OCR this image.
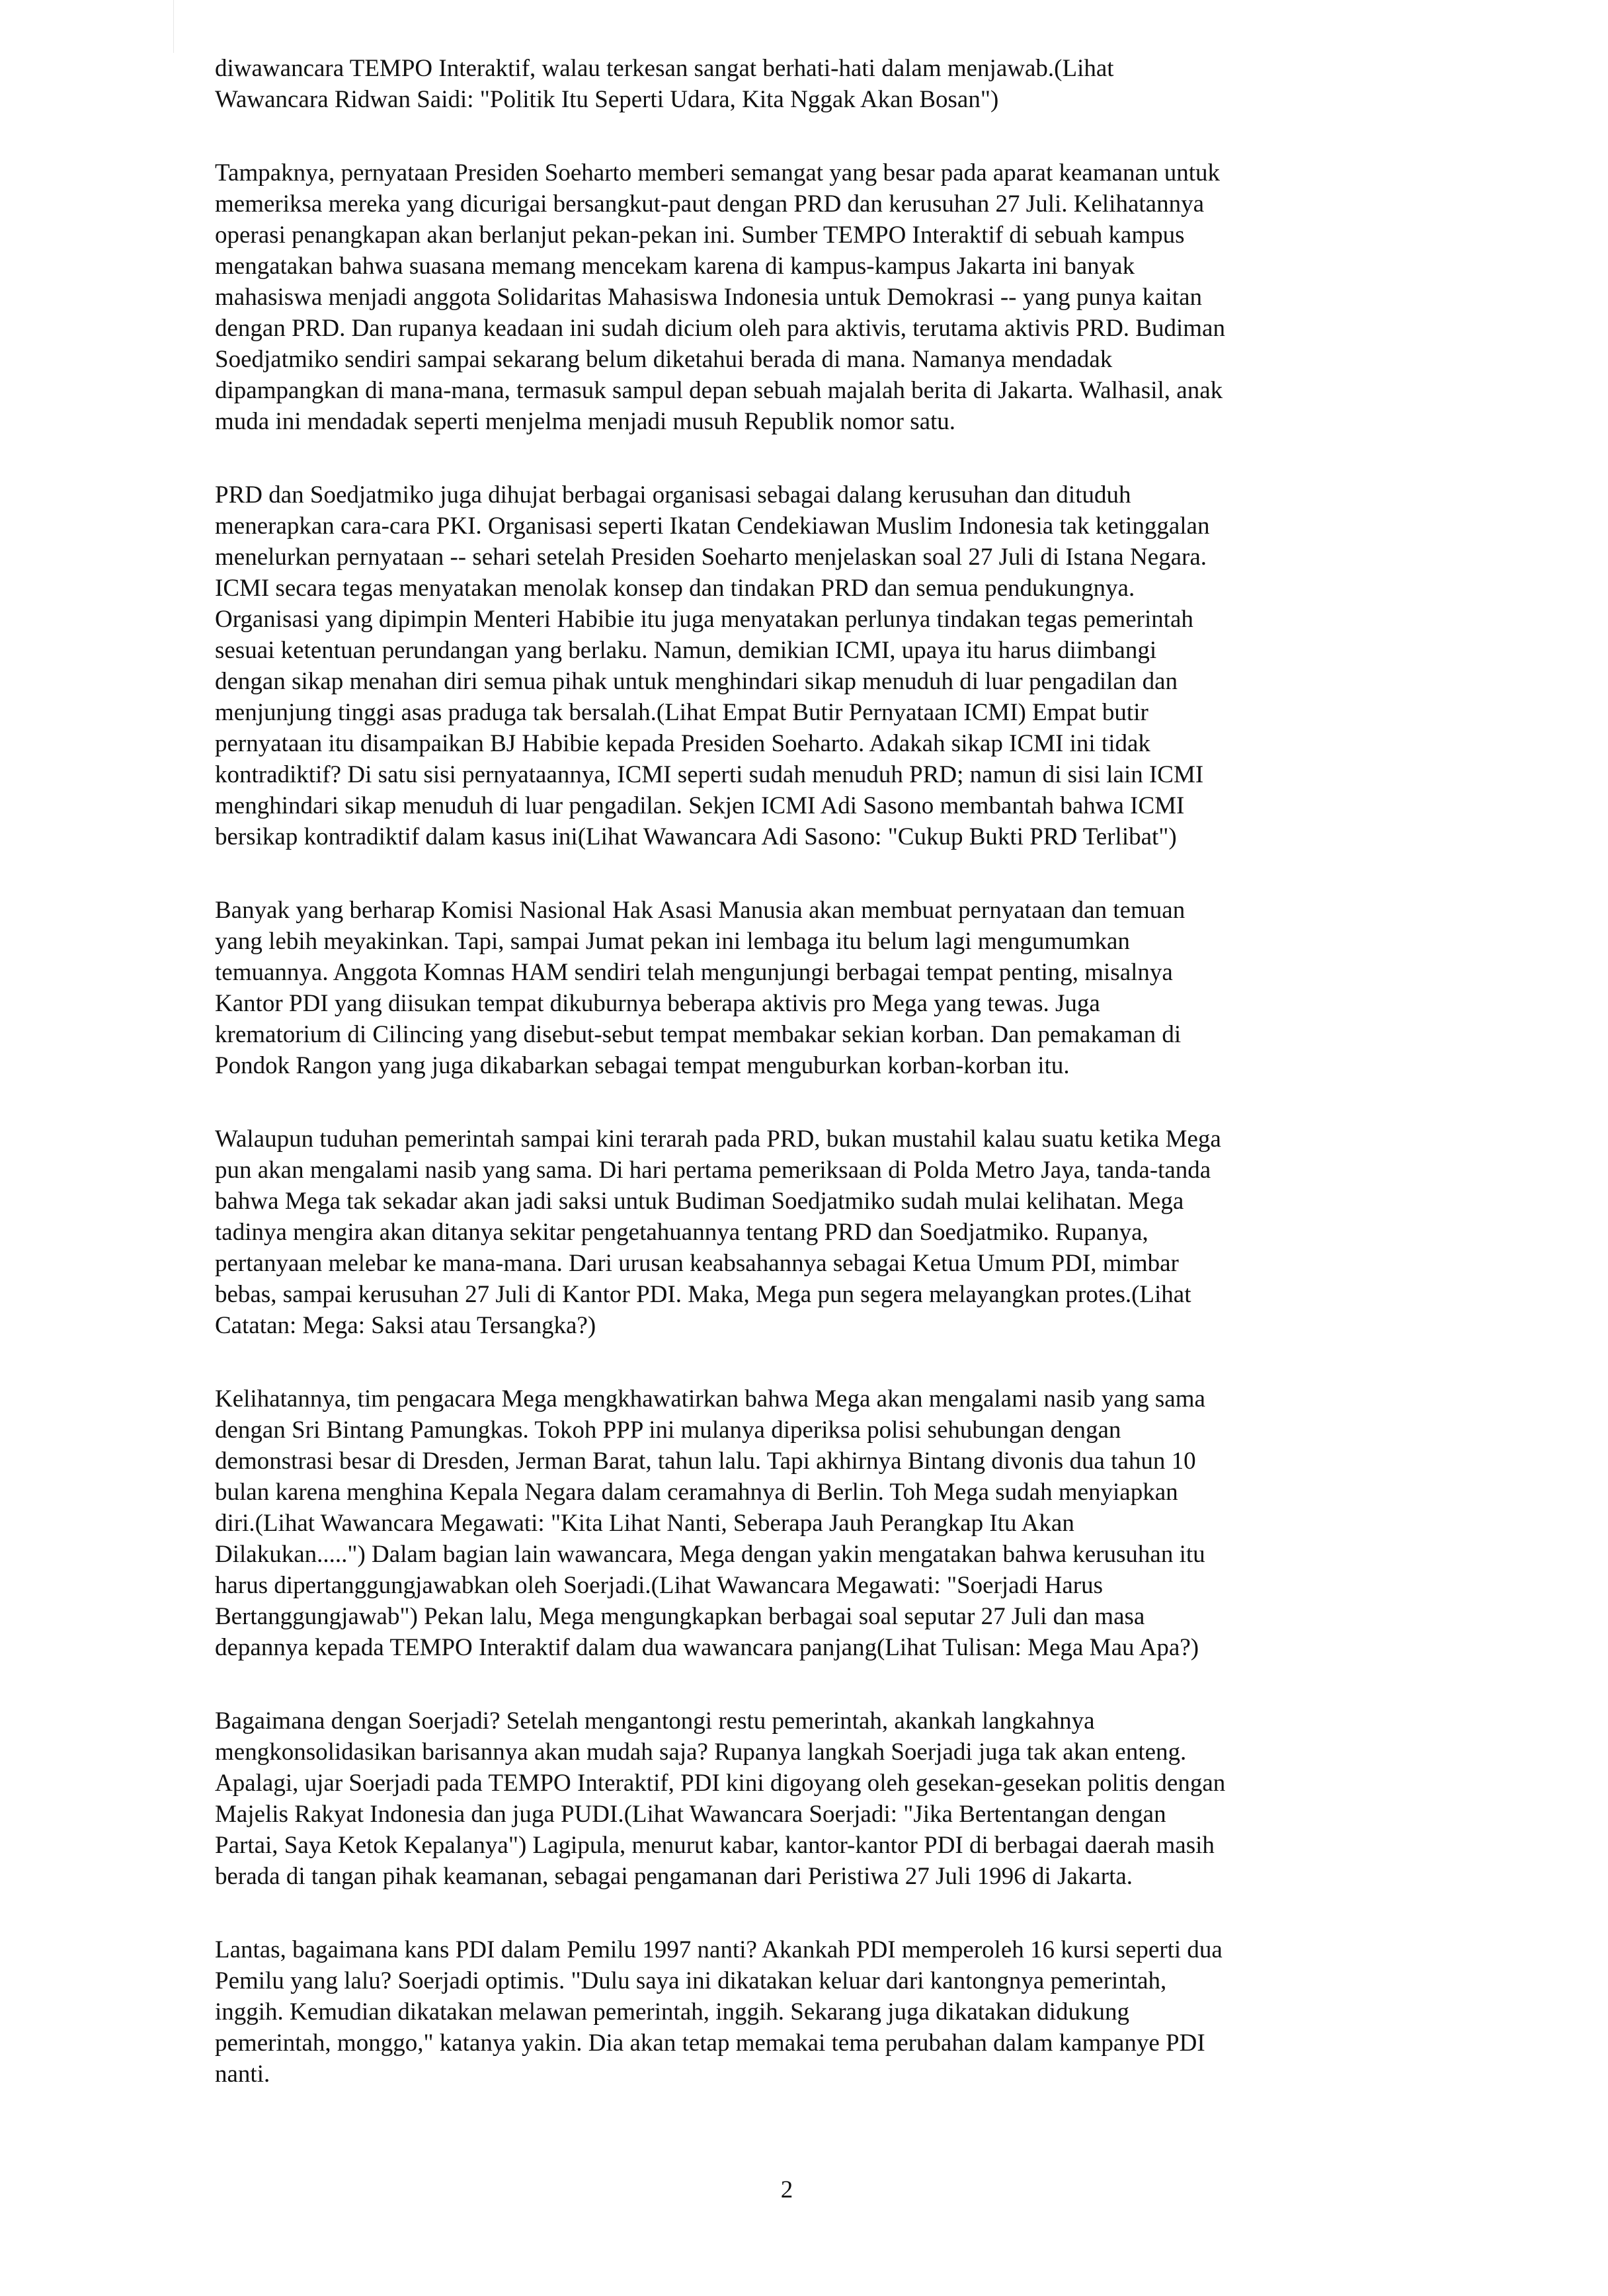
diwawancara TEMPO Interaktif, walau terkesan sangat berhati-hati dalam menjawab.(Lihat
Wawancara Ridwan Saidi: "Politik Itu Seperti Udara, Kita Nggak Akan Bosan")

Tampaknya, pernyataan Presiden Soeharto memberi semangat yang besar pada aparat keamanan untuk
memeriksa mereka yang dicurigai bersangkut-paut dengan PRD dan kerusuhan 27 Juli. Kelihatannya
operasi penangkapan akan berlanjut pekan-pekan ini. Sumber TEMPO Interaktif di sebuah kampus
mengatakan bahwa suasana memang mencekam karena di kampus-kampus Jakarta ini banyak
mahasiswa menjadi anggota Solidaritas Mahasiswa Indonesia untuk Demokrasi -- yang punya kaitan
dengan PRD. Dan rupanya keadaan ini sudah dicium oleh para aktivis, terutama aktivis PRD. Budiman
Soedjatmiko sendiri sampai sekarang belum diketahui berada di mana. Namanya mendadak
dipampangkan di mana-mana, termasuk sampul depan sebuah majalah berita di Jakarta. Walhasil, anak
muda ini mendadak seperti menjelma menjadi musuh Republik nomor satu.

PRD dan Soedjatmiko juga dihujat berbagai organisasi sebagai dalang kerusuhan dan dituduh
menerapkan cara-cara PKI. Organisasi seperti Ikatan Cendekiawan Muslim Indonesia tak ketinggalan
menelurkan pernyataan -- sehari setelah Presiden Soeharto menjelaskan soal 27 Juli di Istana Negara.
ICMI secara tegas menyatakan menolak konsep dan tindakan PRD dan semua pendukungnya.
Organisasi yang dipimpin Menteri Habibie itu juga menyatakan perlunya tindakan tegas pemerintah
sesuai ketentuan perundangan yang berlaku. Namun, demikian ICMI, upaya itu harus diimbangi
dengan sikap menahan diri semua pihak untuk menghindari sikap menuduh di luar pengadilan dan
menjunjung tinggi asas praduga tak bersalah.(Lihat Empat Butir Pernyataan ICMI) Empat butir
pernyataan itu disampaikan BJ Habibie kepada Presiden Soeharto. Adakah sikap ICMI ini tidak
kontradiktif? Di satu sisi pernyataannya, ICMI seperti sudah menuduh PRD; namun di sisi lain ICMI
menghindari sikap menuduh di luar pengadilan. Sekjen ICMI Adi Sasono membantah bahwa ICMI
bersikap kontradiktif dalam kasus ini(Lihat Wawancara Adi Sasono: "Cukup Bukti PRD Terlibat")

Banyak yang berharap Komisi Nasional Hak Asasi Manusia akan membuat pernyataan dan temuan
yang lebih meyakinkan. Tapi, sampai Jumat pekan ini lembaga itu belum lagi mengumumkan
temuannya. Anggota Komnas HAM sendiri telah mengunjungi berbagai tempat penting, misalnya
Kantor PDI yang diisukan tempat dikuburnya beberapa aktivis pro Mega yang tewas. Juga
krematorium di Cilincing yang disebut-sebut tempat membakar sekian korban. Dan pemakaman di
Pondok Rangon yang juga dikabarkan sebagai tempat menguburkan korban-korban itu.

Walaupun tuduhan pemerintah sampai kini terarah pada PRD, bukan mustahil kalau suatu ketika Mega
pun akan mengalami nasib yang sama. Di hari pertama pemeriksaan di Polda Metro Jaya, tanda-tanda
bahwa Mega tak sekadar akan jadi saksi untuk Budiman Soedjatmiko sudah mulai kelihatan. Mega
tadinya mengira akan ditanya sekitar pengetahuannya tentang PRD dan Soedjatmiko. Rupanya,
pertanyaan melebar ke mana-mana. Dari urusan keabsahannya sebagai Ketua Umum PDI, mimbar
bebas, sampai kerusuhan 27 Juli di Kantor PDI. Maka, Mega pun segera melayangkan protes.(Lihat
Catatan: Mega: Saksi atau Tersangka?)

Kelihatannya, tim pengacara Mega mengkhawatirkan bahwa Mega akan mengalami nasib yang sama
dengan Sri Bintang Pamungkas. Tokoh PPP ini mulanya diperiksa polisi sehubungan dengan
demonstrasi besar di Dresden, Jerman Barat, tahun lalu. Tapi akhirnya Bintang divonis dua tahun 10
bulan karena menghina Kepala Negara dalam ceramahnya di Berlin. Toh Mega sudah menyiapkan
diri.(Lihat Wawancara Megawati: "Kita Lihat Nanti, Seberapa Jauh Perangkap Itu Akan
Dilakukan.....") Dalam bagian lain wawancara, Mega dengan yakin mengatakan bahwa kerusuhan itu
harus dipertanggungjawabkan oleh Soerjadi.(Lihat Wawancara Megawati: "Soerjadi Harus
Bertanggungjawab") Pekan lalu, Mega mengungkapkan berbagai soal seputar 27 Juli dan masa
depannya kepada TEMPO Interaktif dalam dua wawancara panjang(Lihat Tulisan: Mega Mau Apa?)

Bagaimana dengan Soerjadi? Setelah mengantongi restu pemerintah, akankah langkahnya
mengkonsolidasikan barisannya akan mudah saja? Rupanya langkah Soerjadi juga tak akan enteng.
Apalagi, ujar Soerjadi pada TEMPO Interaktif, PDI kini digoyang oleh gesekan-gesekan politis dengan
Majelis Rakyat Indonesia dan juga PUDI.(Lihat Wawancara Soerjadi: "Jika Bertentangan dengan
Partai, Saya Ketok Kepalanya") Lagipula, menurut kabar, kantor-kantor PDI di berbagai daerah masih
berada di tangan pihak keamanan, sebagai pengamanan dari Peristiwa 27 Juli 1996 di Jakarta.

Lantas, bagaimana kans PDI dalam Pemilu 1997 nanti? Akankah PDI memperoleh 16 kursi seperti dua
Pemilu yang lalu? Soerjadi optimis. "Dulu saya ini dikatakan keluar dari kantongnya pemerintah,
inggih. Kemudian dikatakan melawan pemerintah, inggih. Sekarang juga dikatakan didukung
pemerintah, monggo," katanya yakin. Dia akan tetap memakai tema perubahan dalam kampanye PDI
nanti.

2
